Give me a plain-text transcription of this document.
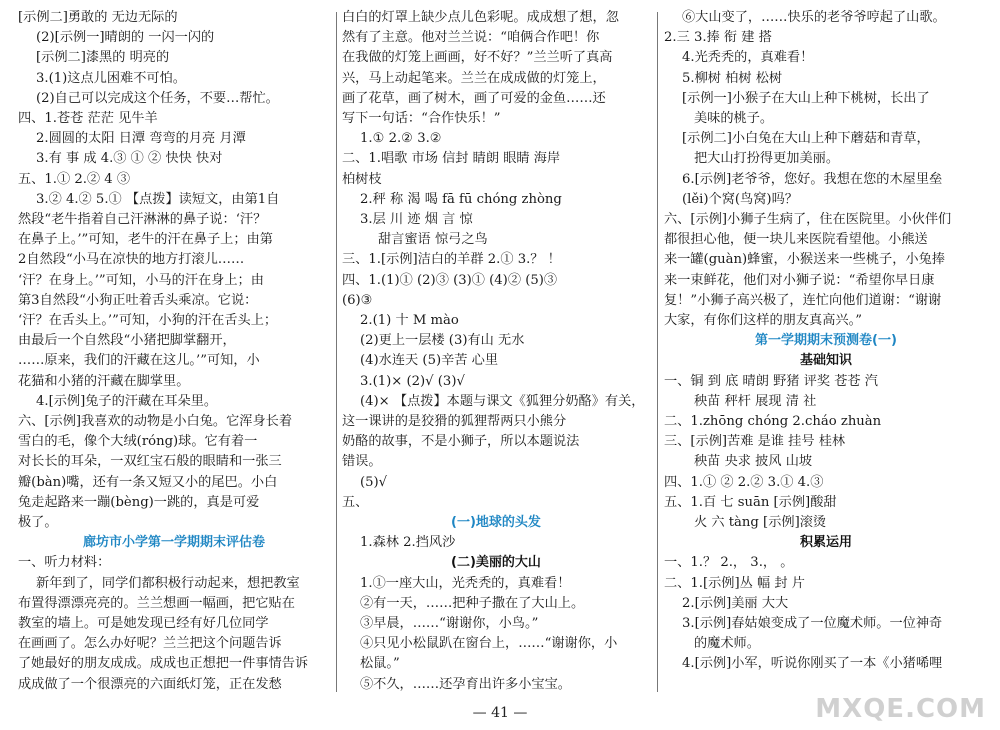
[示例二]勇敢的 无边无际的
(2)[示例一]晴朗的 一闪一闪的
[示例二]漆黑的 明亮的
3.(1)这点儿困难不可怕。
(2)自己可以完成这个任务，不要…帮忙。
四、1.苍苍 茫茫 见牛羊
2.圆圆的太阳 日潭 弯弯的月亮 月潭
3.有 事 成 4.③ ① ② 快快 快对
五、1.① 2.② 4 ③
3.② 4.② 5.① 【点拨】读短文，由第1自
然段“老牛指着自己汗淋淋的鼻子说：‘汗？
在鼻子上。’”可知，老牛的汗在鼻子上；由第
2自然段“小马在凉快的地方打滚儿……
‘汗？在身上。’”可知，小马的汗在身上；由
第3自然段“小狗正吐着舌头乘凉。它说：
‘汗？在舌头上。’”可知，小狗的汗在舌头上；
由最后一个自然段“小猪把脚掌翻开，
……原来，我们的汗藏在这儿。’”可知，小
花猫和小猪的汗藏在脚掌里。
4.[示例]兔子的汗藏在耳朵里。
六、[示例]我喜欢的动物是小白兔。它浑身长着
雪白的毛，像个大绒(róng)球。它有着一
对长长的耳朵，一双红宝石般的眼睛和一张三
瓣(bàn)嘴，还有一条又短又小的尾巴。小白
兔走起路来一蹦(bèng)一跳的，真是可爱
极了。
廊坊市小学第一学期期末评估卷
一、听力材料：
新年到了，同学们都积极行动起来，想把教室
布置得漂漂亮亮的。兰兰想画一幅画，把它贴在
教室的墙上。可是她发现已经有好几位同学
在画画了。怎么办好呢？兰兰把这个问题告诉
了她最好的朋友成成。成成也正想把一件事情告诉
成成做了一个很漂亮的六面纸灯笼，正在发愁
白白的灯罩上缺少点儿色彩呢。成成想了想，忽
然有了主意。他对兰兰说：“咱俩合作吧！你
在我做的灯笼上画画，好不好？”兰兰听了真高
兴，马上动起笔来。兰兰在成成做的灯笼上，
画了花草，画了树木，画了可爱的金鱼……还
写下一句话：“合作快乐！”
1.① 2.② 3.②
二、1.唱歌 市场 信封 睛朗 眼睛 海岸
柏树枝
2.秤 称 渴 喝 fā fū chóng zhòng
3.层 川 迹 烟 言 惊
甜言蜜语 惊弓之鸟
三、1.[示例]洁白的羊群 2.① 3.？ ！
四、1.(1)① (2)③ (3)① (4)② (5)③
(6)③
2.(1) 十 M mào
(2)更上一层楼 (3)有山 无水
(4)水连天 (5)辛苦 心里
3.(1)× (2)√ (3)√
(4)× 【点拨】本题与课文《狐狸分奶酪》有关，
这一课讲的是狡猾的狐狸帮两只小熊分
奶酪的故事，不是小狮子，所以本题说法
错误。
(5)√
五、
(一)地球的头发
1.森林 2.挡风沙
(二)美丽的大山
1.①一座大山，光秃秃的，真难看！
②有一天，……把种子撒在了大山上。
③早晨，……“谢谢你，小鸟。”
④只见小松鼠趴在窗台上，……“谢谢你，小
松鼠。”
⑤不久，……还孕育出许多小宝宝。
⑥大山变了，……快乐的老爷爷哼起了山歌。
2.三 3.捧 衔 建 搭
4.光秃秃的，真难看！
5.柳树 柏树 松树
[示例一]小猴子在大山上种下桃树，长出了
美味的桃子。
[示例二]小白兔在大山上种下蘑菇和青草，
把大山打扮得更加美丽。
6.[示例]老爷爷，您好。我想在您的木屋里垒
(lěi)个窝(鸟窝)吗？
六、[示例]小狮子生病了，住在医院里。小伙伴们
都很担心他，便一块儿来医院看望他。小熊送
来一罐(guàn)蜂蜜，小猴送来一些桃子，小兔捧
来一束鲜花，他们对小狮子说：“希望你早日康
复！”小狮子高兴极了，连忙向他们道谢：“谢谢
大家，有你们这样的朋友真高兴。”
第一学期期末预测卷(一)
基础知识
一、铜 到 底 晴朗 野猪 评奖 苍苍 汽
秧苗 秤杆 展现 清 社
二、1.zhōng chóng 2.cháo zhuàn
三、[示例]苦难 是谁 挂号 桂林
秧苗 央求 披风 山坡
四、1.① ② 2.② 3.① 4.③
五、1.百 七 suān [示例]酸甜
火 六 tàng [示例]滚烫
积累运用
一、1.？ 2.， 3.， 。
二、1.[示例]丛 幅 封 片
2.[示例]美丽 大大
3.[示例]春姑娘变成了一位魔术师。一位神奇
的魔术师。
4.[示例]小军，听说你刚买了一本《小猪唏哩
— 41 —	MXQE.COM
